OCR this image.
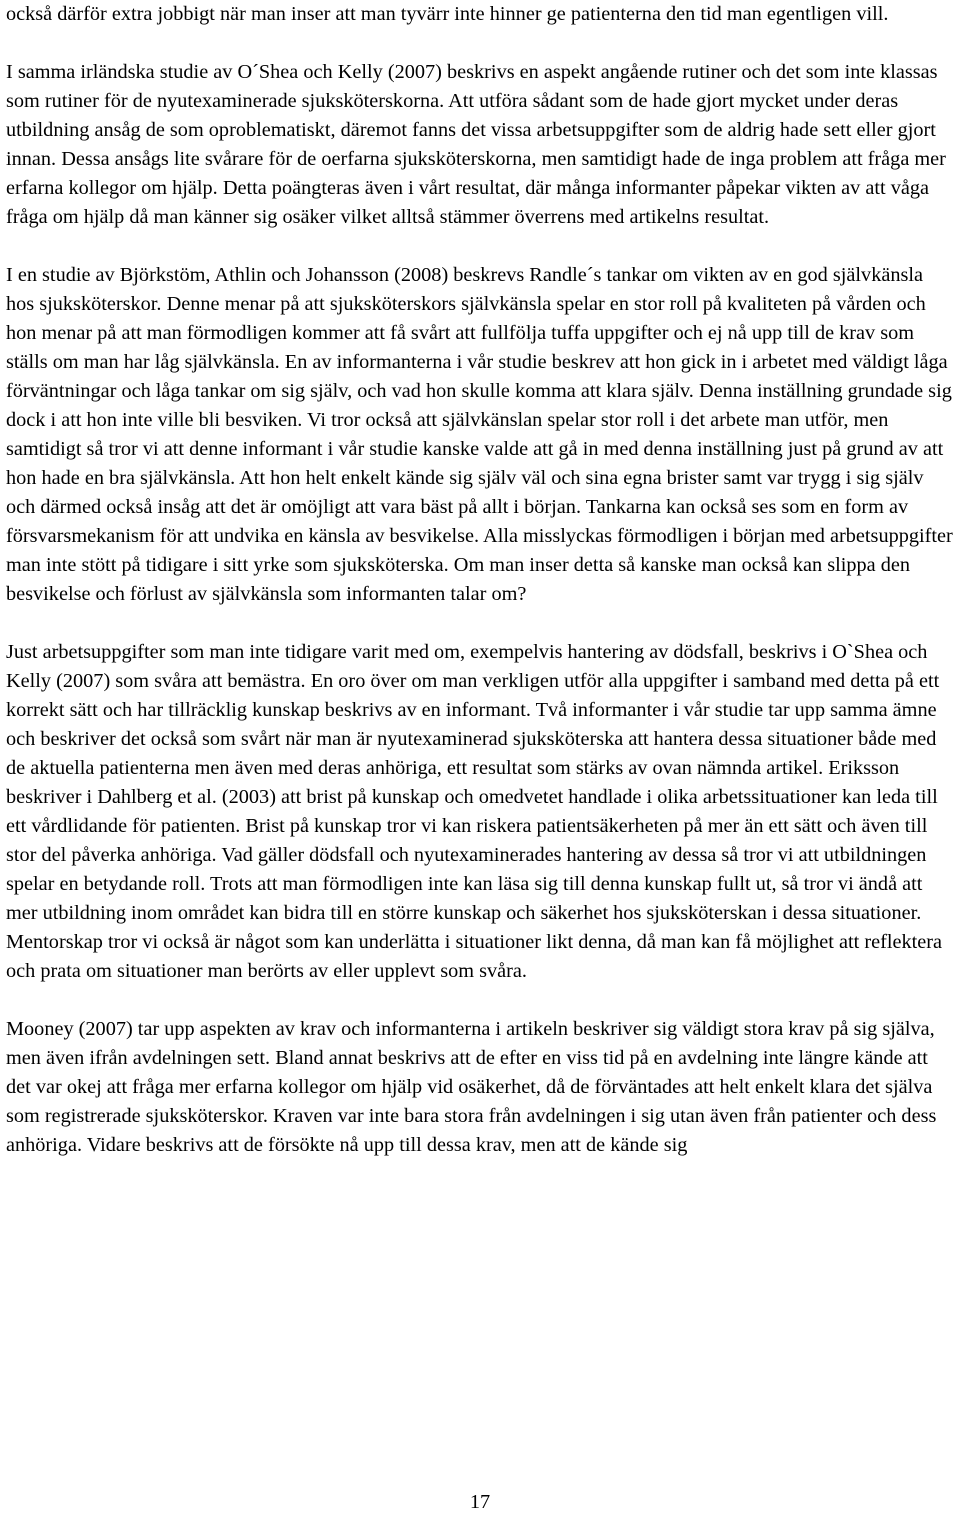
också därför extra jobbigt när man inser att man tyvärr inte hinner ge patienterna den tid man egentligen vill.

I samma irländska studie av O´Shea och Kelly (2007) beskrivs en aspekt angående rutiner och det som inte klassas som rutiner för de nyutexaminerade sjuksköterskorna. Att utföra sådant som de hade gjort mycket under deras utbildning ansåg de som oproblematiskt, däremot fanns det vissa arbetsuppgifter som de aldrig hade sett eller gjort innan. Dessa ansågs lite svårare för de oerfarna sjuksköterskorna, men samtidigt hade de inga problem att fråga mer erfarna kollegor om hjälp. Detta poängteras även i vårt resultat, där många informanter påpekar vikten av att våga fråga om hjälp då man känner sig osäker vilket alltså stämmer överrens med artikelns resultat.

I en studie av Björkstöm, Athlin och Johansson (2008) beskrevs Randle´s tankar om vikten av en god självkänsla hos sjuksköterskor. Denne menar på att sjuksköterskors självkänsla spelar en stor roll på kvaliteten på vården och hon menar på att man förmodligen kommer att få svårt att fullfölja tuffa uppgifter och ej nå upp till de krav som ställs om man har låg självkänsla. En av informanterna i vår studie beskrev att hon gick in i arbetet med väldigt låga förväntningar och låga tankar om sig själv, och vad hon skulle komma att klara själv. Denna inställning grundade sig dock i att hon inte ville bli besviken. Vi tror också att självkänslan spelar stor roll i det arbete man utför, men samtidigt så tror vi att denne informant i vår studie kanske valde att gå in med denna inställning just på grund av att hon hade en bra självkänsla. Att hon helt enkelt kände sig själv väl och sina egna brister samt var trygg i sig själv och därmed också insåg att det är omöjligt att vara bäst på allt i början. Tankarna kan också ses som en form av försvarsmekanism för att undvika en känsla av besvikelse. Alla misslyckas förmodligen i början med arbetsuppgifter man inte stött på tidigare i sitt yrke som sjuksköterska. Om man inser detta så kanske man också kan slippa den besvikelse och förlust av självkänsla som informanten talar om?

Just arbetsuppgifter som man inte tidigare varit med om, exempelvis hantering av dödsfall, beskrivs i O`Shea och Kelly (2007) som svåra att bemästra. En oro över om man verkligen utför alla uppgifter i samband med detta på ett korrekt sätt och har tillräcklig kunskap beskrivs av en informant. Två informanter i vår studie tar upp samma ämne och beskriver det också som svårt när man är nyutexaminerad sjuksköterska att hantera dessa situationer både med de aktuella patienterna men även med deras anhöriga, ett resultat som stärks av ovan nämnda artikel. Eriksson beskriver i Dahlberg et al. (2003) att brist på kunskap och omedvetet handlade i olika arbetssituationer kan leda till ett vårdlidande för patienten. Brist på kunskap tror vi kan riskera patientsäkerheten på mer än ett sätt och även till stor del påverka anhöriga. Vad gäller dödsfall och nyutexaminerades hantering av dessa så tror vi att utbildningen spelar en betydande roll. Trots att man förmodligen inte kan läsa sig till denna kunskap fullt ut, så tror vi ändå att mer utbildning inom området kan bidra till en större kunskap och säkerhet hos sjuksköterskan i dessa situationer. Mentorskap tror vi också är något som kan underlätta i situationer likt denna, då man kan få möjlighet att reflektera och prata om situationer man berörts av eller upplevt som svåra.

Mooney (2007) tar upp aspekten av krav och informanterna i artikeln beskriver sig väldigt stora krav på sig själva, men även ifrån avdelningen sett. Bland annat beskrivs att de efter en viss tid på en avdelning inte längre kände att det var okej att fråga mer erfarna kollegor om hjälp vid osäkerhet, då de förväntades att helt enkelt klara det själva som registrerade sjuksköterskor. Kraven var inte bara stora från avdelningen i sig utan även från patienter och dess anhöriga. Vidare beskrivs att de försökte nå upp till dessa krav, men att de kände sig

17
